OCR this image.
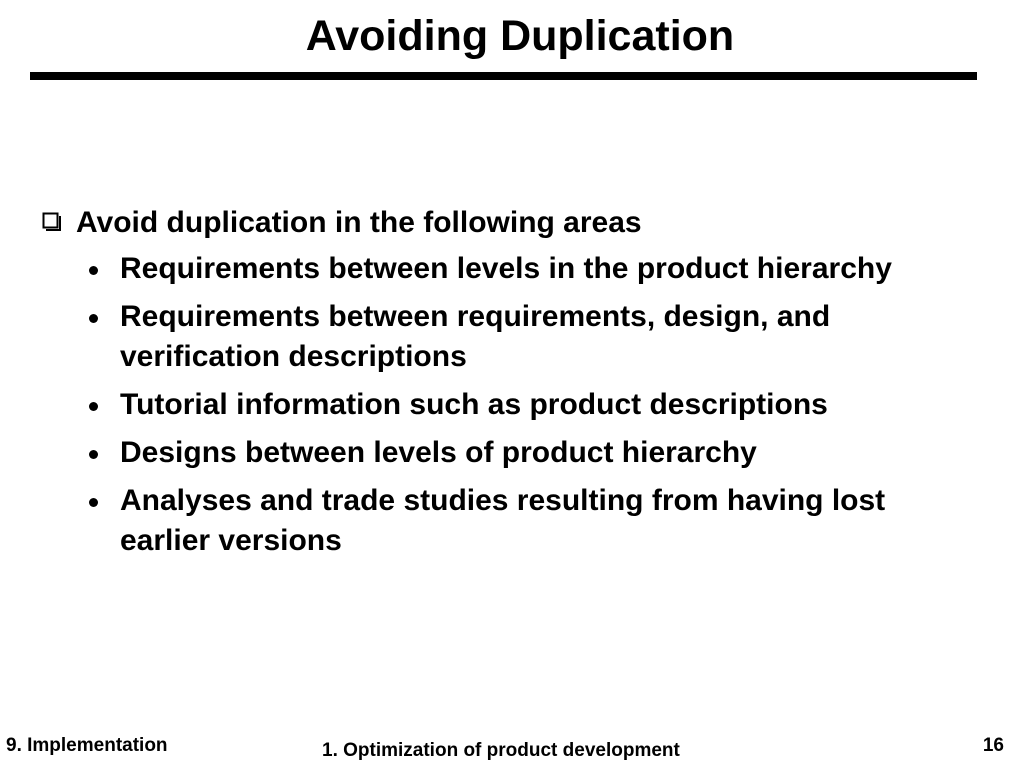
Avoiding Duplication
Avoid duplication in the following areas
Requirements between levels in the product hierarchy
Requirements between requirements, design, and verification descriptions
Tutorial information such as product descriptions
Designs between levels of product hierarchy
Analyses and trade studies resulting from having lost earlier versions
9. Implementation	1. Optimization of product development	16
